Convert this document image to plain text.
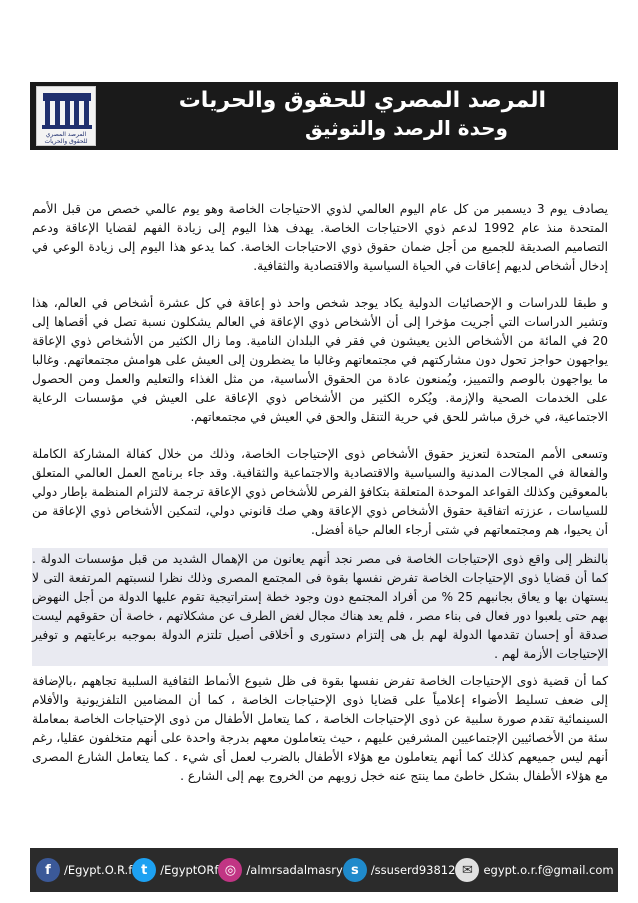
المرصد المصري للحقوق والحريات
المرصد المصري للحقوق والحريات
وحدة الرصد والتوثيق

يصادف يوم 3 ديسمبر من كل عام اليوم العالمي لذوي الاحتياجات الخاصة وهو يوم عالمي خصص من قبل الأمم المتحدة منذ عام 1992 لدعم ذوي الاحتياجات الخاصة. يهدف هذا اليوم إلى زيادة الفهم لقضايا الإعاقة ودعم التصاميم الصديقة للجميع من أجل ضمان حقوق ذوي الاحتياجات الخاصة. كما يدعو هذا اليوم إلى زيادة الوعي في إدخال أشخاص لديهم إعاقات في الحياة السياسية والاقتصادية والثقافية.

و طبقا للدراسات و الإحصائيات الدولية يكاد يوجد شخص واحد ذو إعاقة في كل عشرة أشخاص في العالم، هذا وتشير الدراسات التي أجريت مؤخرا إلى أن الأشخاص ذوي الإعاقة في العالم يشكلون نسبة تصل في أقصاها إلى 20 في المائة من الأشخاص الذين يعيشون في فقر في البلدان النامية. وما زال الكثير من الأشخاص ذوي الإعاقة يواجهون حواجز تحول دون مشاركتهم في مجتمعاتهم وغالبا ما يضطرون إلى العيش على هوامش مجتمعاتهم. وغالبا ما يواجهون بالوصم والتمييز، ويُمنعون عادة من الحقوق الأساسية، من مثل الغذاء والتعليم والعمل ومن الحصول على الخدمات الصحية والإزمة. ويُكره الكثير من الأشخاص ذوي الإعاقة على العيش في مؤسسات الرعاية الاجتماعية، في خرق مباشر للحق في حرية التنقل والحق في العيش في مجتمعاتهم.

وتسعى الأمم المتحدة لتعزيز حقوق الأشخاص ذوى الإحتياجات الخاصة، وذلك من خلال كفالة المشاركة الكاملة والفعالة في المجالات المدنية والسياسية والاقتصادية والاجتماعية والثقافية. وقد جاء برنامج العمل العالمي المتعلق بالمعوقين وكذلك القواعد الموحدة المتعلقة بتكافؤ الفرص للأشخاص ذوي الإعاقة ترجمة لالتزام المنظمة بإطار دولي للسياسات ، عززته اتفاقية حقوق الأشخاص ذوي الإعاقة وهي صك قانوني دولي، لتمكين الأشخاص ذوي الإعاقة من أن يحيوا، هم ومجتمعاتهم في شتى أرجاء العالم حياة أفضل.

بالنظر إلى واقع ذوى الإحتياجات الخاصة فى مصر نجد أنهم يعانون من الإهمال الشديد من قبل مؤسسات الدولة . كما أن قضايا ذوى الإحتياجات الخاصة تفرض نفسها بقوة فى المجتمع المصرى وذلك نظرا لنسبتهم المرتفعة التى لا يستهان بها و يعاق بجانبهم 25 % من أفراد المجتمع دون وجود خطة إستراتيجية تقوم عليها الدولة من أجل النهوض بهم حتى يلعبوا دور فعال فى بناء مصر ، فلم يعد هناك مجال لغض الطرف عن مشكلاتهم ، خاصة أن حقوقهم ليست صدقة أو إحسان تقدمها الدولة لهم بل هى إلتزام دستورى و أخلاقى أصيل تلتزم الدولة بموجبه برعايتهم و توفير الإحتياجات الأزمة لهم .

كما أن قضية ذوى الإحتياجات الخاصة تفرض نفسها بقوة فى ظل شيوع الأنماط الثقافية السلبية تجاههم ،بالإضافة إلى ضعف تسليط الأضواء إعلامياً على قضايا ذوى الإحتياجات الخاصة ، كما أن المضامين التلفزيونية والأفلام السينمائية تقدم صورة سلبية عن ذوى الإحتياجات الخاصة ، كما يتعامل الأطفال من ذوى الإحتياجات الخاصة بمعاملة سئة من الأخصائيين الإجتماعيين المشرفين عليهم ، حيث يتعاملون معهم بدرجة واحدة على أنهم متخلفون عقليا، رغم أنهم ليس جميعهم كذلك كما أنهم يتعاملون مع هؤلاء الأطفال بالضرب لعمل أى شيء . كما يتعامل الشارع المصرى مع هؤلاء الأطفال بشكل خاطئ مما ينتج عنه خجل زويهم من الخروج بهم إلى الشارع .

f	/Egypt.O.R.f t	/EgyptORf ◎ /almrsadalmasry s	/ssuserd93812 ✉ egypt.o.r.f@gmail.com
